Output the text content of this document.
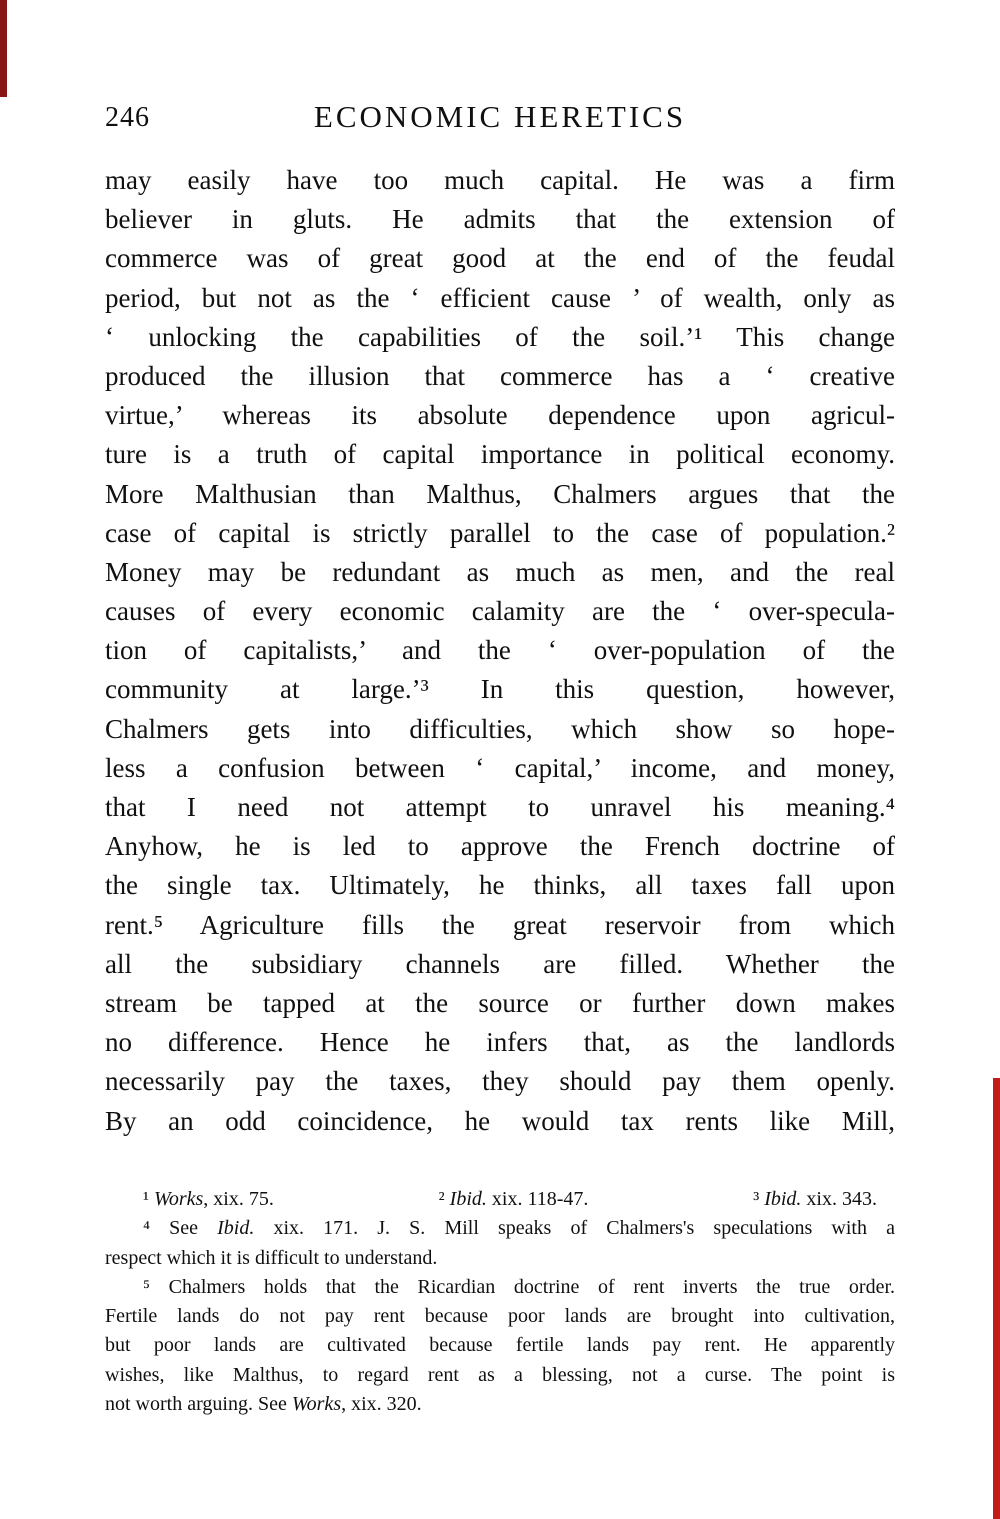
246	ECONOMIC HERETICS
may easily have too much capital. He was a firm
believer in gluts. He admits that the extension of
commerce was of great good at the end of the feudal
period, but not as the ‘ efficient cause ’ of wealth, only as
‘ unlocking the capabilities of the soil.’¹ This change
produced the illusion that commerce has a ‘ creative
virtue,’ whereas its absolute dependence upon agricul-
ture is a truth of capital importance in political economy.
More Malthusian than Malthus, Chalmers argues that the
case of capital is strictly parallel to the case of population.²
Money may be redundant as much as men, and the real
causes of every economic calamity are the ‘ over-specula-
tion of capitalists,’ and the ‘ over-population of the
community at large.’³ In this question, however,
Chalmers gets into difficulties, which show so hope-
less a confusion between ‘ capital,’ income, and money,
that I need not attempt to unravel his meaning.⁴
Anyhow, he is led to approve the French doctrine of
the single tax. Ultimately, he thinks, all taxes fall upon
rent.⁵ Agriculture fills the great reservoir from which
all the subsidiary channels are filled. Whether the
stream be tapped at the source or further down makes
no difference. Hence he infers that, as the landlords
necessarily pay the taxes, they should pay them openly.
By an odd coincidence, he would tax rents like Mill,
¹ Works, xix. 75.	² Ibid. xix. 118-47.	³ Ibid. xix. 343.
⁴ See Ibid. xix. 171. J. S. Mill speaks of Chalmers's speculations with a
respect which it is difficult to understand.
⁵ Chalmers holds that the Ricardian doctrine of rent inverts the true order.
Fertile lands do not pay rent because poor lands are brought into cultivation,
but poor lands are cultivated because fertile lands pay rent. He apparently
wishes, like Malthus, to regard rent as a blessing, not a curse. The point is
not worth arguing. See Works, xix. 320.
